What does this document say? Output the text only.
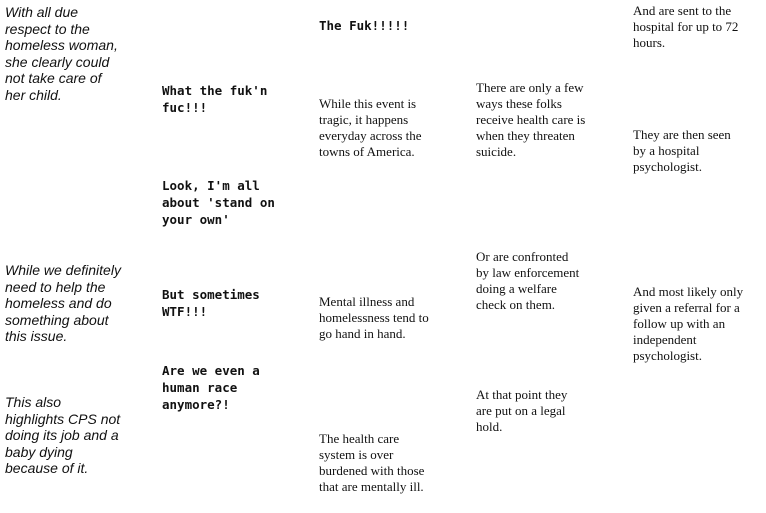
With all due
respect to the
homeless woman,
she clearly could
not take care of
her child.

While we definitely
need to help the
homeless and do
something about
this issue.

This also
highlights CPS not
doing its job and a
baby dying
because of it.

What the fuk'n
fuc!!!

Look, I'm all
about 'stand on
your own'

But sometimes
WTF!!!

Are we even a
human race
anymore?!

The Fuk!!!!!

While this event is
tragic, it happens
everyday across the
towns of America.

Mental illness and
homelessness tend to
go hand in hand.

The health care
system is over
burdened with those
that are mentally ill.

There are only a few
ways these folks
receive health care is
when they threaten
suicide.

Or are confronted
by law enforcement
doing a welfare
check on them.

At that point they
are put on a legal
hold.

And are sent to the
hospital for up to 72
hours.

They are then seen
by a hospital
psychologist.

And most likely only
given a referral for a
follow up with an
independent
psychologist.
